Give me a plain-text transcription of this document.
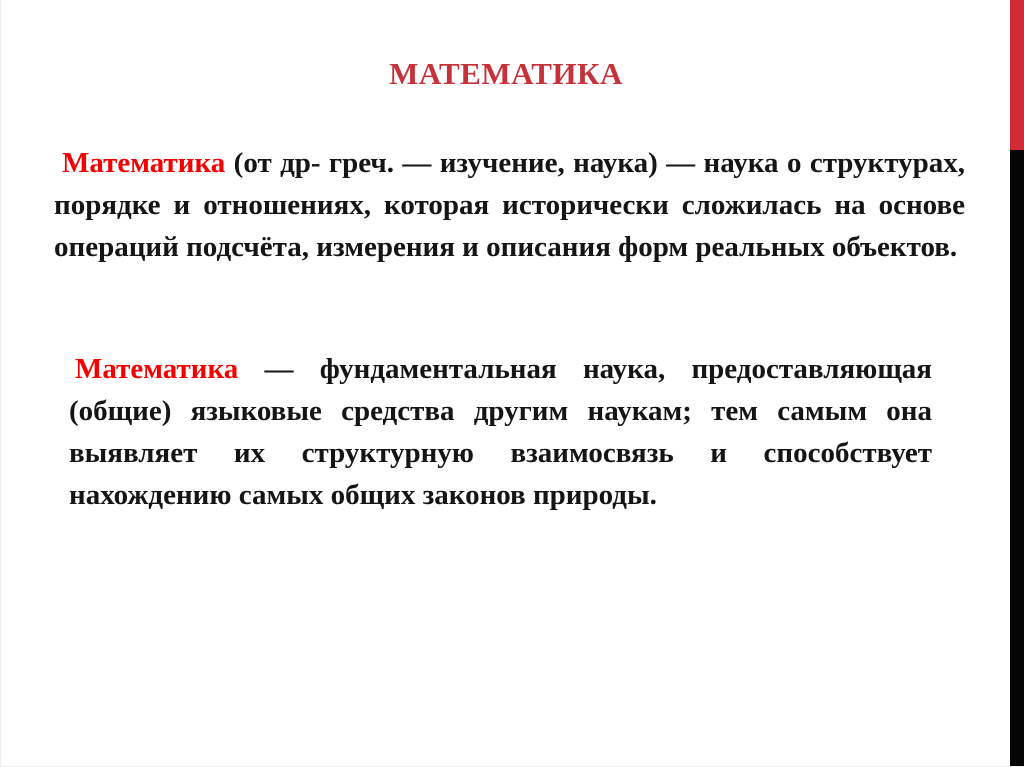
МАТЕМАТИКА

Математика (от др- греч. — изучение, наука) — наука о структурах, порядке и отношениях, которая исторически сложилась на основе операций подсчёта, измерения и описания форм реальных объектов.

Математика — фундаментальная наука, предоставляющая (общие) языковые средства другим наукам; тем самым она выявляет их структурную взаимосвязь и способствует нахождению самых общих законов природы.
